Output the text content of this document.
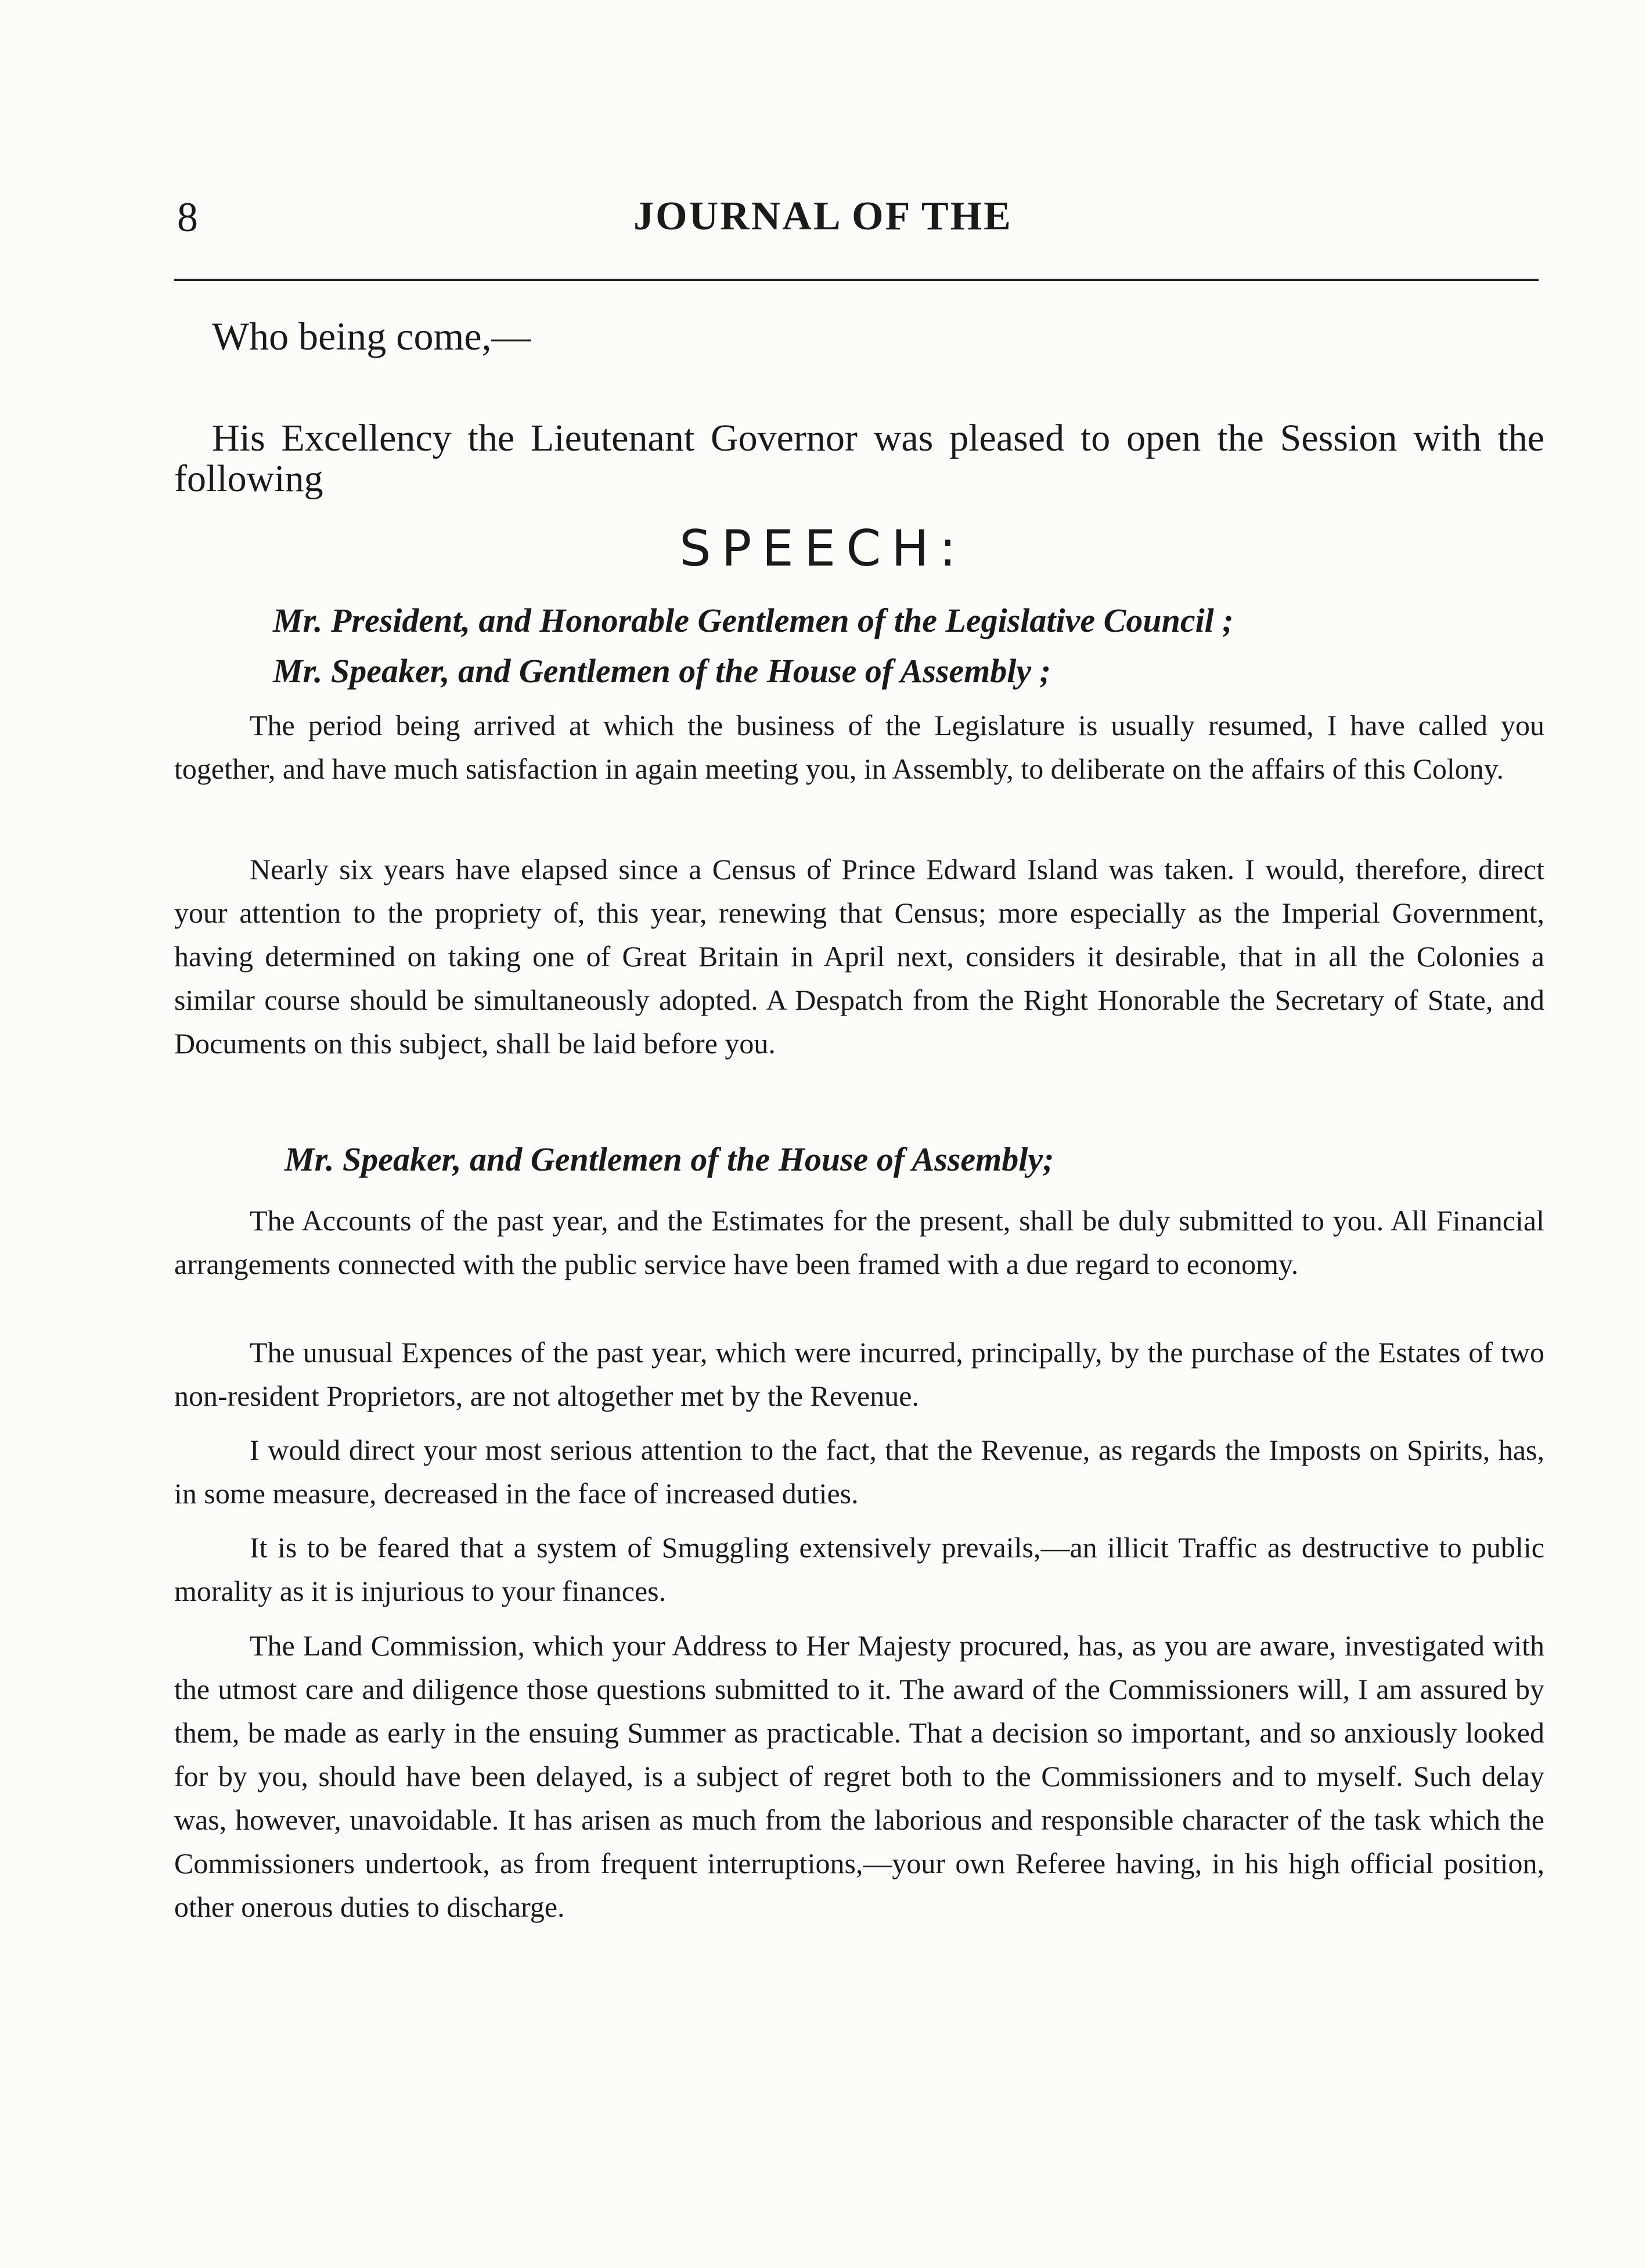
8	JOURNAL OF THE
Who being come,—
His Excellency the Lieutenant Governor was pleased to open the Session with the following
SPEECH:
Mr. President, and Honorable Gentlemen of the Legislative Council ;
Mr. Speaker, and Gentlemen of the House of Assembly ;

The period being arrived at which the business of the Legislature is usually resumed, I have called you together, and have much satisfaction in again meeting you, in Assembly, to deliberate on the affairs of this Colony.

Nearly six years have elapsed since a Census of Prince Edward Island was taken. I would, therefore, direct your attention to the propriety of, this year, renewing that Census; more especially as the Imperial Government, having determined on taking one of Great Britain in April next, considers it desirable, that in all the Colonies a similar course should be simultaneously adopted. A Despatch from the Right Honorable the Secretary of State, and Documents on this subject, shall be laid before you.

Mr. Speaker, and Gentlemen of the House of Assembly;

The Accounts of the past year, and the Estimates for the present, shall be duly submitted to you. All Financial arrangements connected with the public service have been framed with a due regard to economy.

The unusual Expences of the past year, which were incurred, principally, by the purchase of the Estates of two non-resident Proprietors, are not altogether met by the Revenue.

I would direct your most serious attention to the fact, that the Revenue, as regards the Imposts on Spirits, has, in some measure, decreased in the face of increased duties.

It is to be feared that a system of Smuggling extensively prevails,—an illicit Traffic as destructive to public morality as it is injurious to your finances.

The Land Commission, which your Address to Her Majesty procured, has, as you are aware, investigated with the utmost care and diligence those questions submitted to it. The award of the Commissioners will, I am assured by them, be made as early in the ensuing Summer as practicable. That a decision so important, and so anxiously looked for by you, should have been delayed, is a subject of regret both to the Commissioners and to myself. Such delay was, however, unavoidable. It has arisen as much from the laborious and responsible character of the task which the Commissioners undertook, as from frequent interruptions,—your own Referee having, in his high official position, other onerous duties to discharge.
